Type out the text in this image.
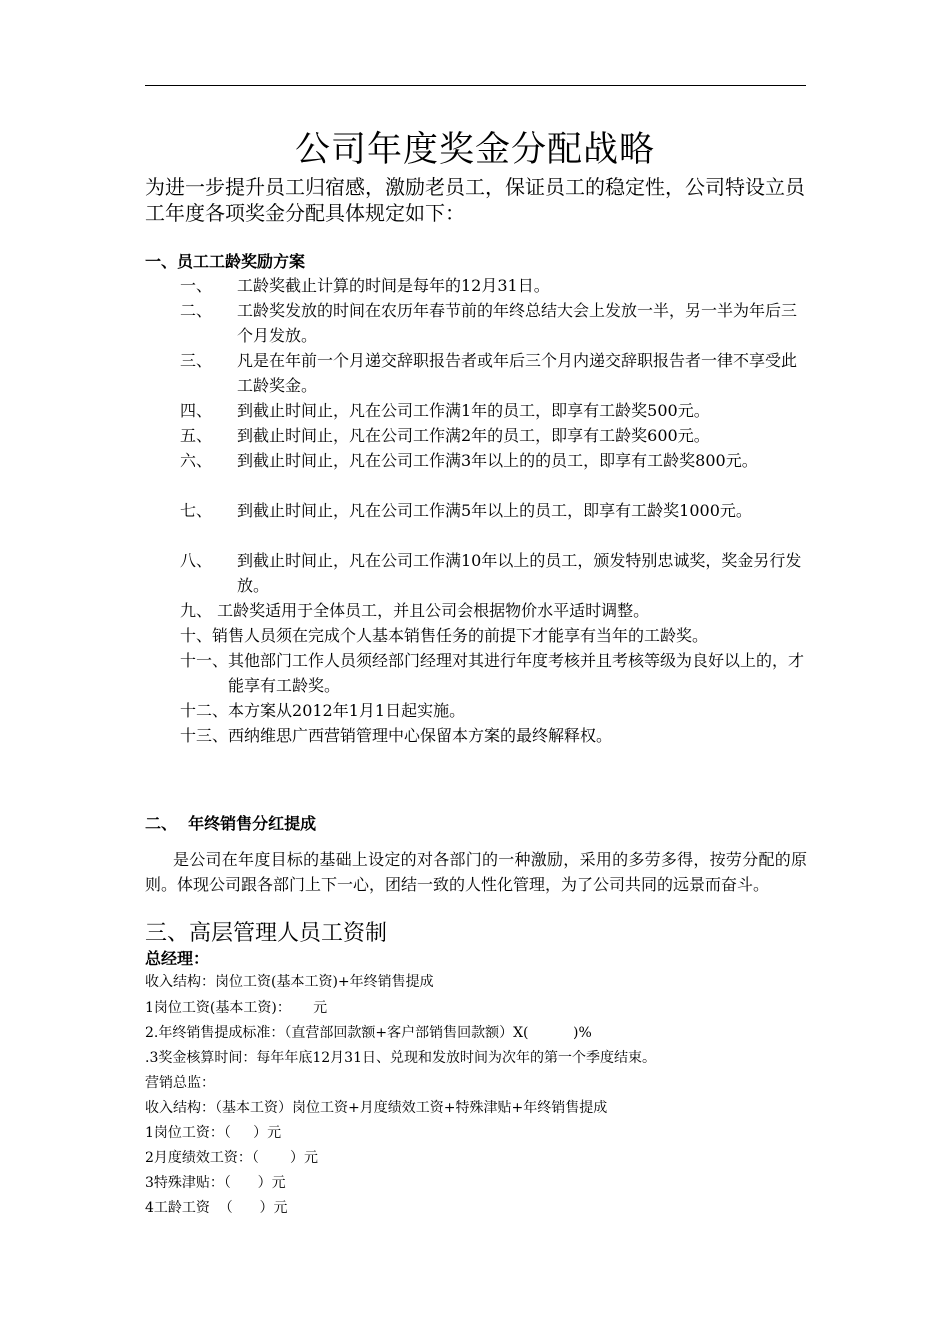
公司年度奖金分配战略
为进一步提升员工归宿感，激励老员工，保证员工的稳定性，公司特设立员工年度各项奖金分配具体规定如下：
一、员工工龄奖励方案
一、 工龄奖截止计算的时间是每年的12月31日。
二、 工龄奖发放的时间在农历年春节前的年终总结大会上发放一半，另一半为年后三个月发放。
三、 凡是在年前一个月递交辞职报告者或年后三个月内递交辞职报告者一律不享受此工龄奖金。
四、 到截止时间止，凡在公司工作满1年的员工，即享有工龄奖500元。
五、 到截止时间止，凡在公司工作满2年的员工，即享有工龄奖600元。
六、 到截止时间止，凡在公司工作满3年以上的的员工，即享有工龄奖800元。
七、 到截止时间止，凡在公司工作满5年以上的员工，即享有工龄奖1000元。
八、 到截止时间止，凡在公司工作满10年以上的员工，颁发特别忠诚奖，奖金另行发放。
九、 工龄奖适用于全体员工，并且公司会根据物价水平适时调整。
十、销售人员须在完成个人基本销售任务的前提下才能享有当年的工龄奖。
十一、其他部门工作人员须经部门经理对其进行年度考核并且考核等级为良好以上的，才能享有工龄奖。
十二、本方案从2012年1月1日起实施。
十三、西纳维思广西营销管理中心保留本方案的最终解释权。
二、  年终销售分红提成
是公司在年度目标的基础上设定的对各部门的一种激励，采用的多劳多得，按劳分配的原则。体现公司跟各部门上下一心，团结一致的人性化管理，为了公司共同的远景而奋斗。
三、高层管理人员工资制
总经理：
收入结构：岗位工资(基本工资)+年终销售提成
1岗位工资(基本工资)：     元
2.年终销售提成标准：（直营部回款额+客户部销售回款额）X(          )%
.3奖金核算时间：每年年底12月31日、兑现和发放时间为次年的第一个季度结束。
营销总监：
收入结构：（基本工资）岗位工资+月度绩效工资+特殊津贴+年终销售提成
1岗位工资：（     ）元
2月度绩效工资：（       ）元
3特殊津贴：（      ）元
4工龄工资  （      ）元
